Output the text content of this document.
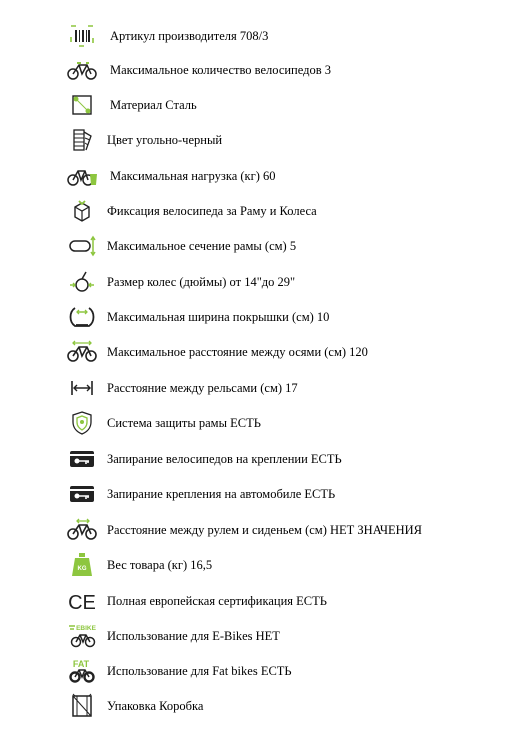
Артикул производителя 708/3
Максимальное количество велосипедов 3
Материал Сталь
Цвет угольно-черный
Максимальная нагрузка (кг) 60
Фиксация велосипеда за Раму и Колеса
Максимальное сечение рамы (см) 5
Размер колес (дюймы) от 14"до 29"
Максимальная ширина покрышки (см) 10
Максимальное расстояние между осями (см) 120
Расстояние между рельсами (см) 17
Система защиты рамы ЕСТЬ
Запирание велосипедов на креплении ЕСТЬ
Запирание крепления на автомобиле ЕСТЬ
Расстояние между рулем и сиденьем (см) НЕТ ЗНАЧЕНИЯ
KG Вес товара (кг) 16,5
CE Полная европейская сертификация ЕСТЬ
EBIKE
Использование для E-Bikes НЕТ
FAT Использование для Fat bikes ЕСТЬ
Упаковка Коробка
